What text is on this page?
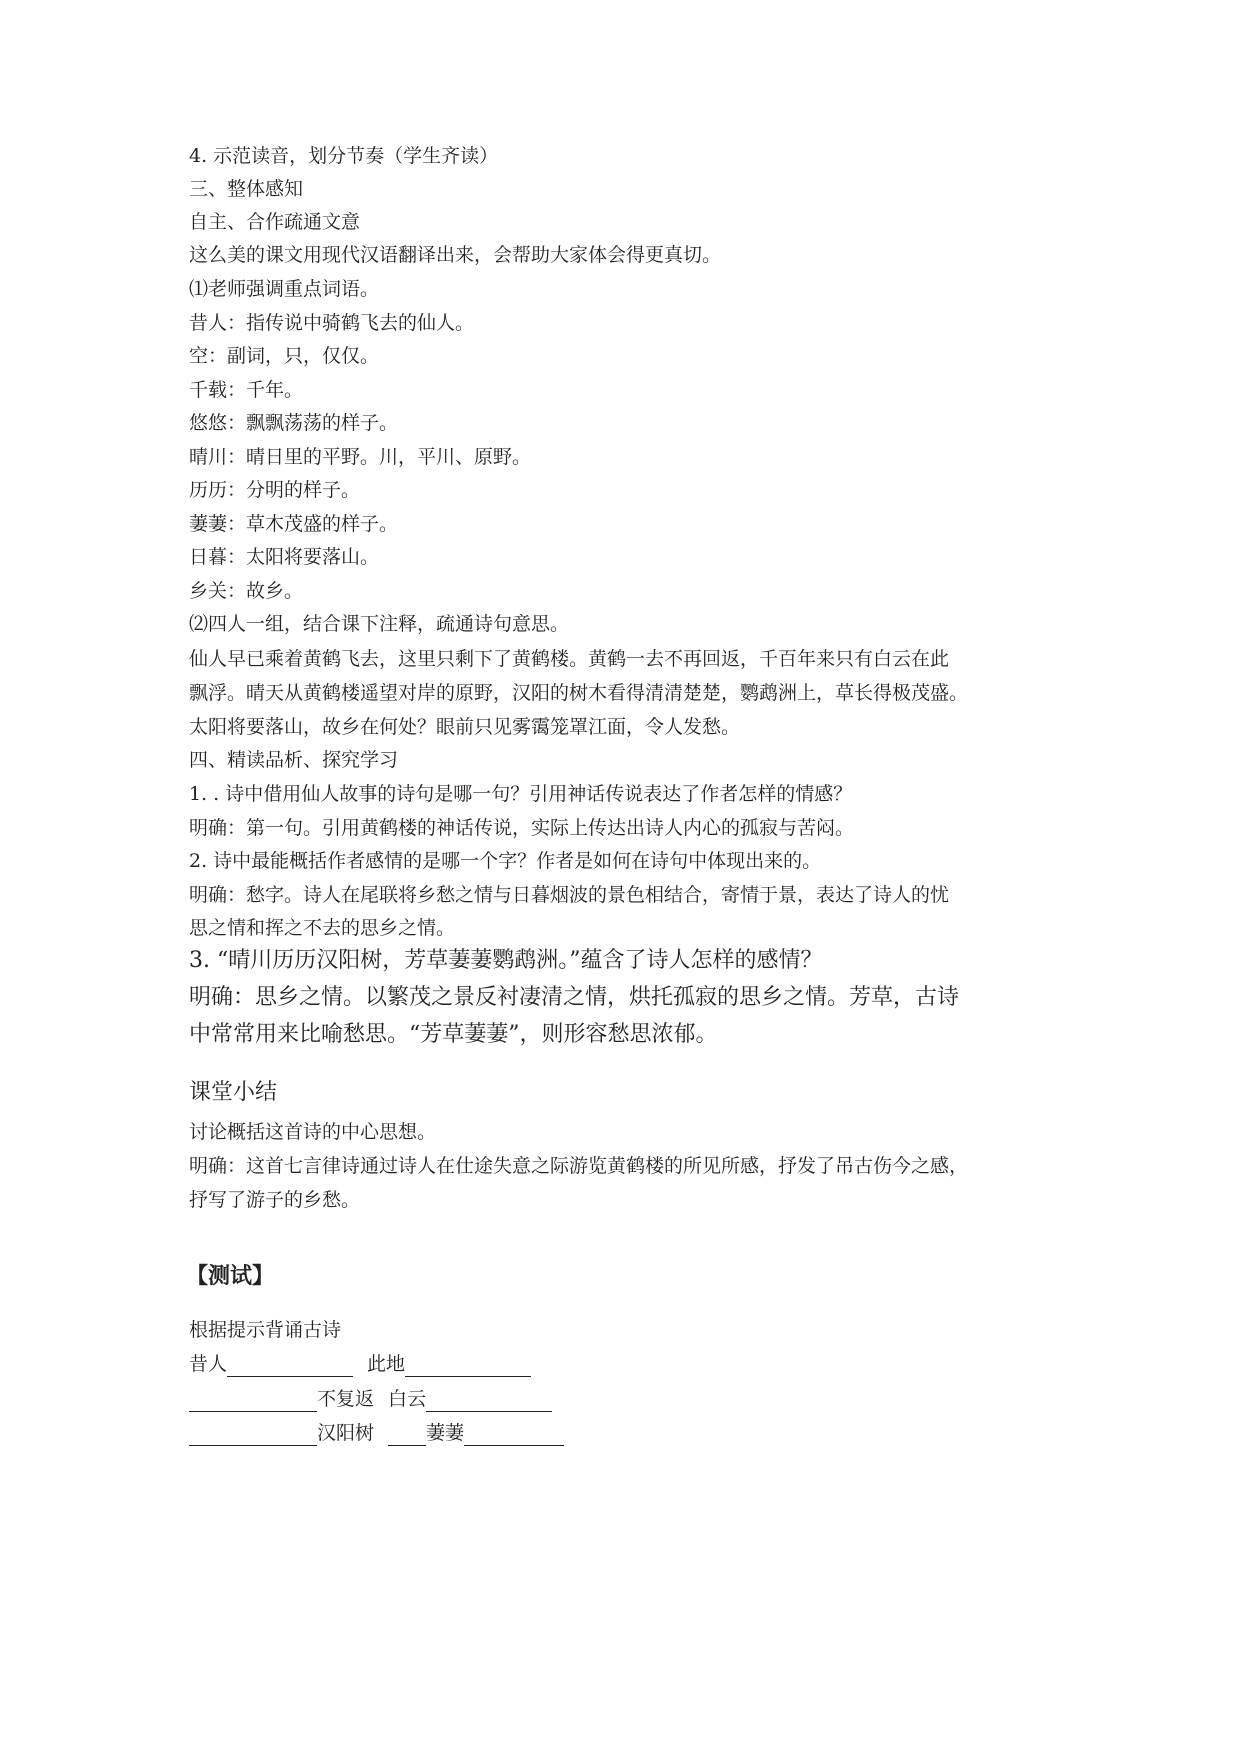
4. 示范读音，划分节奏（学生齐读）
三、整体感知
自主、合作疏通文意
这么美的课文用现代汉语翻译出来，会帮助大家体会得更真切。
⑴老师强调重点词语。
昔人：指传说中骑鹤飞去的仙人。
空：副词，只，仅仅。
千载：千年。
悠悠：飘飘荡荡的样子。
晴川：晴日里的平野。川，平川、原野。
历历：分明的样子。
萋萋：草木茂盛的样子。
日暮：太阳将要落山。
乡关：故乡。
⑵四人一组，结合课下注释，疏通诗句意思。
仙人早已乘着黄鹤飞去，这里只剩下了黄鹤楼。黄鹤一去不再回返，千百年来只有白云在此
飘浮。晴天从黄鹤楼遥望对岸的原野，汉阳的树木看得清清楚楚，鹦鹉洲上，草长得极茂盛。
太阳将要落山，故乡在何处？眼前只见雾霭笼罩江面，令人发愁。
四、精读品析、探究学习
1. . 诗中借用仙人故事的诗句是哪一句？引用神话传说表达了作者怎样的情感？
明确：第一句。引用黄鹤楼的神话传说，实际上传达出诗人内心的孤寂与苦闷。
2. 诗中最能概括作者感情的是哪一个字？作者是如何在诗句中体现出来的。
明确：愁字。诗人在尾联将乡愁之情与日暮烟波的景色相结合，寄情于景，表达了诗人的忧
思之情和挥之不去的思乡之情。
3. “晴川历历汉阳树，芳草萋萋鹦鹉洲。”蕴含了诗人怎样的感情？
明确：思乡之情。以繁茂之景反衬凄清之情，烘托孤寂的思乡之情。芳草，古诗
中常常用来比喻愁思。“芳草萋萋”，则形容愁思浓郁。
课堂小结
讨论概括这首诗的中心思想。
明确：这首七言律诗通过诗人在仕途失意之际游览黄鹤楼的所见所感，抒发了吊古伤今之感，
抒写了游子的乡愁。
【测试】
根据提示背诵古诗
昔人	此地
不复返 白云
汉阳树	萋萋
